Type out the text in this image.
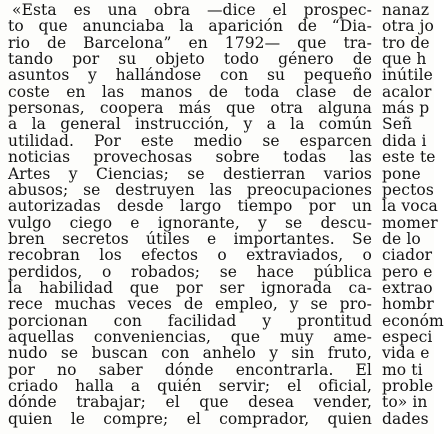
«Esta es una obra —dice el prospec-
to que anunciaba la aparición de “Dia-
rio de Barcelona” en 1792— que tra-
tando por su objeto todo género de
asuntos y hallándose con su pequeño
coste en las manos de toda clase de
personas, coopera más que otra alguna
a la general instrucción, y a la común
utilidad. Por este medio se esparcen
noticias provechosas sobre todas las
Artes y Ciencias; se destierran varios
abusos; se destruyen las preocupaciones
autorizadas desde largo tiempo por un
vulgo ciego e ignorante, y se descu-
bren secretos útiles e importantes. Se
recobran los efectos o extraviados, o
perdidos, o robados; se hace pública
la habilidad que por ser ignorada ca-
rece muchas veces de empleo, y se pro-
porcionan con facilidad y prontitud
aquellas conveniencias, que muy ame-
nudo se buscan con anhelo y sin fruto,
por no saber dónde encontrarla. El
criado halla a quién servir; el oficial,
dónde trabajar; el que desea vender,
quien le compre; el comprador, quien
nanaz
otra jo
tro de
que h
inútile
acalor
más p
Señ
dida i
este te
pone
pectos
la voca
momer
de lo
ciador
pero e
extrao
hombr
económ
especi
vida e
mo ti
proble
to» in
dades
